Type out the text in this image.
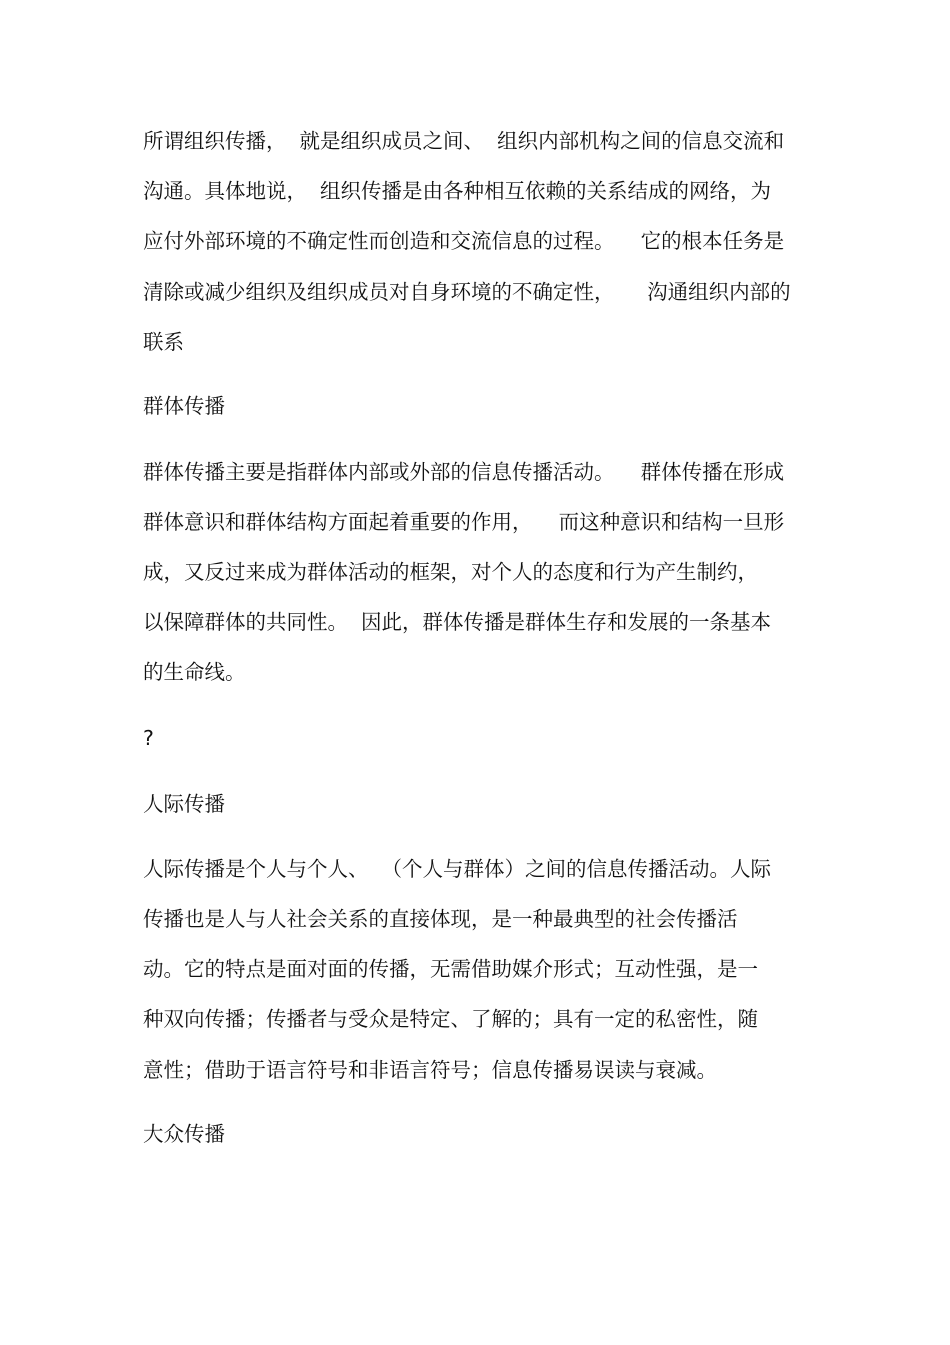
所谓组织传播，  就是组织成员之间、  组织内部机构之间的信息交流和

沟通。具体地说，  组织传播是由各种相互依赖的关系结成的网络，为

应付外部环境的不确定性而创造和交流信息的过程。    它的根本任务是

清除或减少组织及组织成员对自身环境的不确定性，     沟通组织内部的

联系

群体传播

群体传播主要是指群体内部或外部的信息传播活动。    群体传播在形成

群体意识和群体结构方面起着重要的作用，    而这种意识和结构一旦形

成，又反过来成为群体活动的框架，对个人的态度和行为产生制约，

以保障群体的共同性。  因此，群体传播是群体生存和发展的一条基本

的生命线。

?

人际传播

人际传播是个人与个人、  （个人与群体）之间的信息传播活动。人际

传播也是人与人社会关系的直接体现，是一种最典型的社会传播活

动。它的特点是面对面的传播，无需借助媒介形式；互动性强，是一

种双向传播；传播者与受众是特定、了解的；具有一定的私密性，随

意性；借助于语言符号和非语言符号；信息传播易误读与衰减。

大众传播
